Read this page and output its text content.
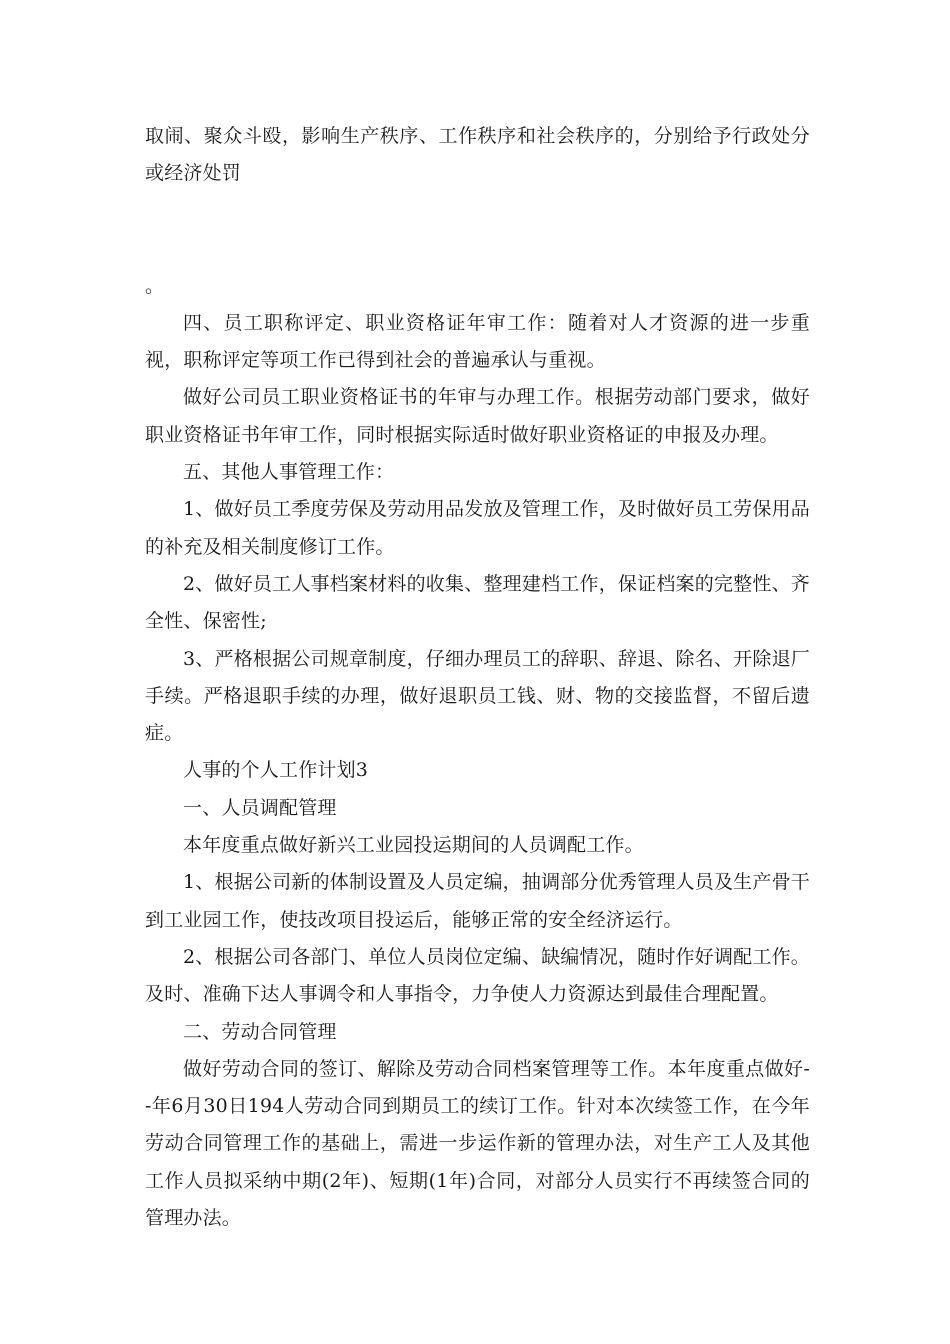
取闹、聚众斗殴，影响生产秩序、工作秩序和社会秩序的，分别给予行政处分或经济处罚

。

四、员工职称评定、职业资格证年审工作：随着对人才资源的进一步重视，职称评定等项工作已得到社会的普遍承认与重视。

做好公司员工职业资格证书的年审与办理工作。根据劳动部门要求，做好职业资格证书年审工作，同时根据实际适时做好职业资格证的申报及办理。

五、其他人事管理工作：

1、做好员工季度劳保及劳动用品发放及管理工作，及时做好员工劳保用品的补充及相关制度修订工作。

2、做好员工人事档案材料的收集、整理建档工作，保证档案的完整性、齐全性、保密性;

3、严格根据公司规章制度，仔细办理员工的辞职、辞退、除名、开除退厂手续。严格退职手续的办理，做好退职员工钱、财、物的交接监督，不留后遗症。

人事的个人工作计划3

一、人员调配管理

本年度重点做好新兴工业园投运期间的人员调配工作。

1、根据公司新的体制设置及人员定编，抽调部分优秀管理人员及生产骨干到工业园工作，使技改项目投运后，能够正常的安全经济运行。

2、根据公司各部门、单位人员岗位定编、缺编情况，随时作好调配工作。及时、准确下达人事调令和人事指令，力争使人力资源达到最佳合理配置。

二、劳动合同管理

做好劳动合同的签订、解除及劳动合同档案管理等工作。本年度重点做好--年6月30日194人劳动合同到期员工的续订工作。针对本次续签工作，在今年劳动合同管理工作的基础上，需进一步运作新的管理办法，对生产工人及其他工作人员拟采纳中期(2年)、短期(1年)合同，对部分人员实行不再续签合同的管理办法。
